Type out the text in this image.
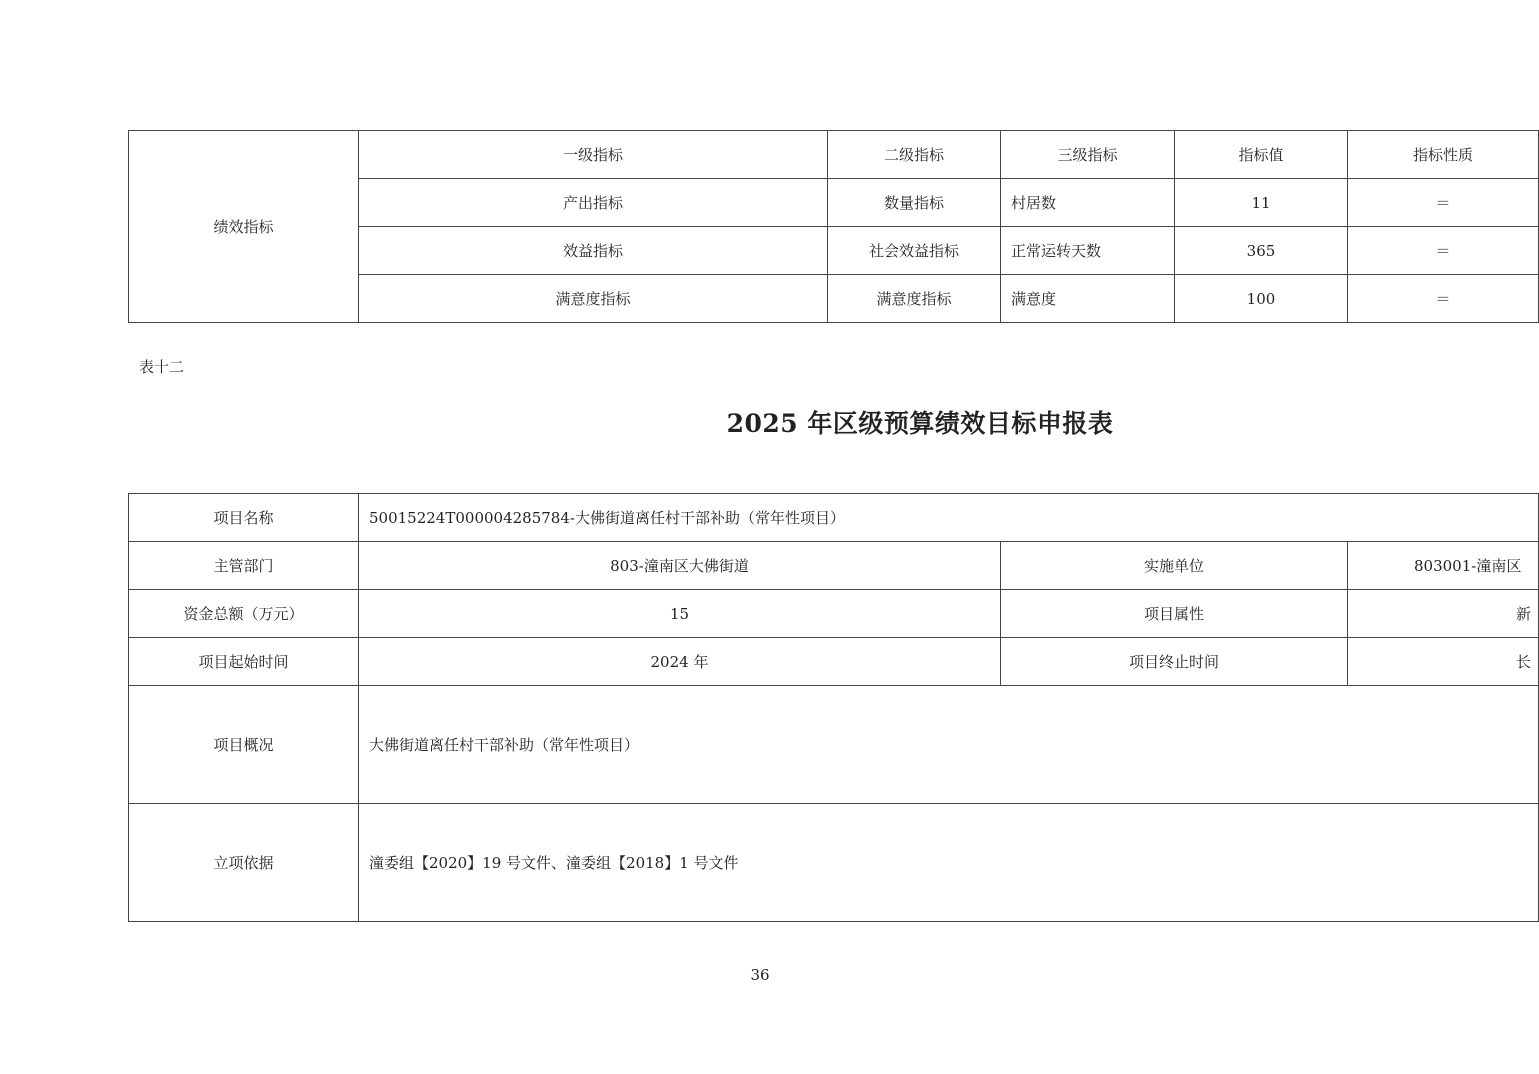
绩效指标	一级指标	二级指标	三级指标	指标值	指标性质
	产出指标	数量指标	村居数	11	＝
	效益指标	社会效益指标	正常运转天数	365	＝
	满意度指标	满意度指标	满意度	100	＝
表十二
2025 年区级预算绩效目标申报表
项目名称	50015224T000004285784-大佛街道离任村干部补助（常年性项目）		
主管部门	803-潼南区大佛街道	实施单位	803001-潼南区
资金总额（万元）	15	项目属性	新
项目起始时间	2024 年	项目终止时间	长
项目概况	大佛街道离任村干部补助（常年性项目）		
立项依据	潼委组【2020】19 号文件、潼委组【2018】1 号文件		
36
